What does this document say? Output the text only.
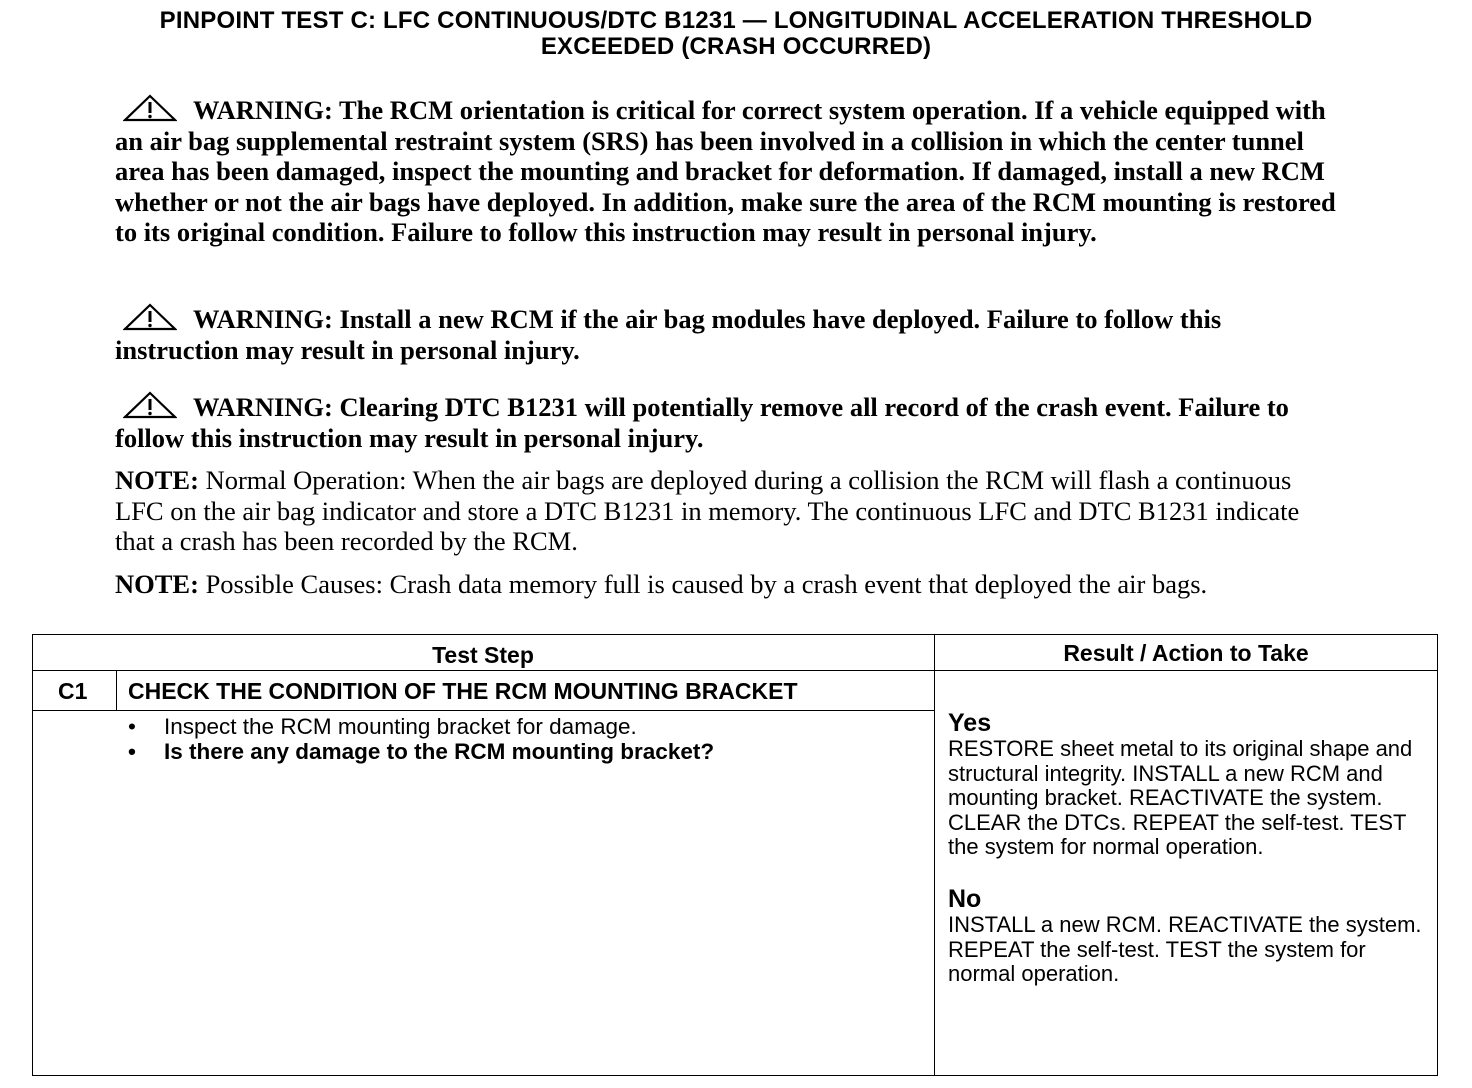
PINPOINT TEST C: LFC CONTINUOUS/DTC B1231 — LONGITUDINAL ACCELERATION THRESHOLD
EXCEEDED (CRASH OCCURRED)
WARNING: The RCM orientation is critical for correct system operation. If a vehicle equipped with an air bag supplemental restraint system (SRS) has been involved in a collision in which the center tunnel area has been damaged, inspect the mounting and bracket for deformation. If damaged, install a new RCM whether or not the air bags have deployed. In addition, make sure the area of the RCM mounting is restored to its original condition. Failure to follow this instruction may result in personal injury.
WARNING: Install a new RCM if the air bag modules have deployed. Failure to follow this instruction may result in personal injury.
WARNING: Clearing DTC B1231 will potentially remove all record of the crash event. Failure to follow this instruction may result in personal injury.
NOTE: Normal Operation: When the air bags are deployed during a collision the RCM will flash a continuous LFC on the air bag indicator and store a DTC B1231 in memory. The continuous LFC and DTC B1231 indicate that a crash has been recorded by the RCM.
NOTE: Possible Causes: Crash data memory full is caused by a crash event that deployed the air bags.
Test Step	Result / Action to Take
C1 CHECK THE CONDITION OF THE RCM MOUNTING BRACKET
• Inspect the RCM mounting bracket for damage.
• Is there any damage to the RCM mounting bracket?
Yes
RESTORE sheet metal to its original shape and structural integrity. INSTALL a new RCM and mounting bracket. REACTIVATE the system. CLEAR the DTCs. REPEAT the self-test. TEST the system for normal operation.
No
INSTALL a new RCM. REACTIVATE the system. REPEAT the self-test. TEST the system for normal operation.
